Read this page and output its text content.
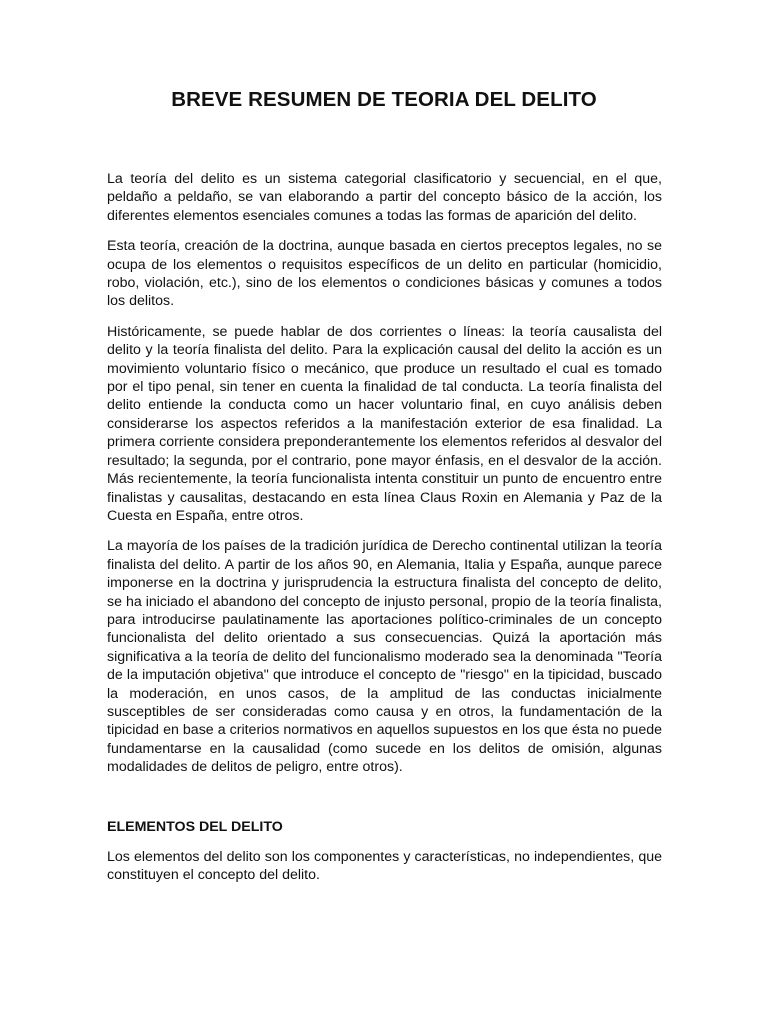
BREVE RESUMEN DE TEORIA DEL DELITO

La teoría del delito es un sistema categorial clasificatorio y secuencial, en el que, peldaño a peldaño, se van elaborando a partir del concepto básico de la acción, los diferentes elementos esenciales comunes a todas las formas de aparición del delito.

Esta teoría, creación de la doctrina, aunque basada en ciertos preceptos legales, no se ocupa de los elementos o requisitos específicos de un delito en particular (homicidio, robo, violación, etc.), sino de los elementos o condiciones básicas y comunes a todos los delitos.

Históricamente, se puede hablar de dos corrientes o líneas: la teoría causalista del delito y la teoría finalista del delito. Para la explicación causal del delito la acción es un movimiento voluntario físico o mecánico, que produce un resultado el cual es tomado por el tipo penal, sin tener en cuenta la finalidad de tal conducta. La teoría finalista del delito entiende la conducta como un hacer voluntario final, en cuyo análisis deben considerarse los aspectos referidos a la manifestación exterior de esa finalidad. La primera corriente considera preponderantemente los elementos referidos al desvalor del resultado; la segunda, por el contrario, pone mayor énfasis, en el desvalor de la acción. Más recientemente, la teoría funcionalista intenta constituir un punto de encuentro entre finalistas y causalitas, destacando en esta línea Claus Roxin en Alemania y Paz de la Cuesta en España, entre otros.

La mayoría de los países de la tradición jurídica de Derecho continental utilizan la teoría finalista del delito. A partir de los años 90, en Alemania, Italia y España, aunque parece imponerse en la doctrina y jurisprudencia la estructura finalista del concepto de delito, se ha iniciado el abandono del concepto de injusto personal, propio de la teoría finalista, para introducirse paulatinamente las aportaciones político-criminales de un concepto funcionalista del delito orientado a sus consecuencias. Quizá la aportación más significativa a la teoría de delito del funcionalismo moderado sea la denominada "Teoría de la imputación objetiva" que introduce el concepto de "riesgo" en la tipicidad, buscado la moderación, en unos casos, de la amplitud de las conductas inicialmente susceptibles de ser consideradas como causa y en otros, la fundamentación de la tipicidad en base a criterios normativos en aquellos supuestos en los que ésta no puede fundamentarse en la causalidad (como sucede en los delitos de omisión, algunas modalidades de delitos de peligro, entre otros).

ELEMENTOS DEL DELITO

Los elementos del delito son los componentes y características, no independientes, que constituyen el concepto del delito.
